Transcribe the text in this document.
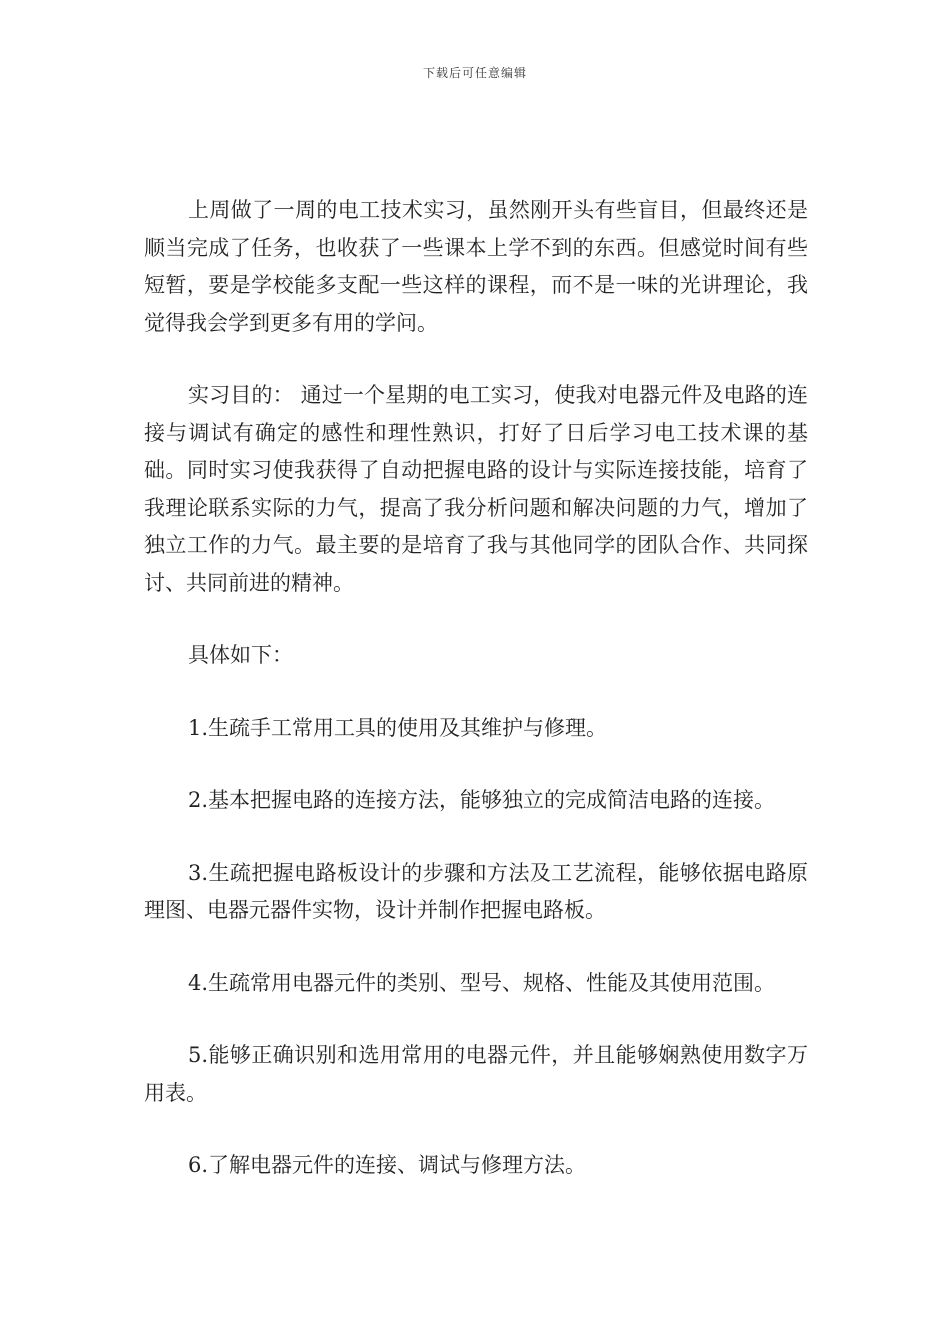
下载后可任意编辑

上周做了一周的电工技术实习，虽然刚开头有些盲目，但最终还是顺当完成了任务，也收获了一些课本上学不到的东西。但感觉时间有些短暂，要是学校能多支配一些这样的课程，而不是一味的光讲理论，我觉得我会学到更多有用的学问。

实习目的： 通过一个星期的电工实习，使我对电器元件及电路的连接与调试有确定的感性和理性熟识，打好了日后学习电工技术课的基础。同时实习使我获得了自动把握电路的设计与实际连接技能，培育了我理论联系实际的力气，提高了我分析问题和解决问题的力气，增加了独立工作的力气。最主要的是培育了我与其他同学的团队合作、共同探讨、共同前进的精神。

具体如下：

1.生疏手工常用工具的使用及其维护与修理。

2.基本把握电路的连接方法，能够独立的完成简洁电路的连接。

3.生疏把握电路板设计的步骤和方法及工艺流程，能够依据电路原理图、电器元器件实物，设计并制作把握电路板。

4.生疏常用电器元件的类别、型号、规格、性能及其使用范围。

5.能够正确识别和选用常用的电器元件，并且能够娴熟使用数字万用表。

6.了解电器元件的连接、调试与修理方法。
